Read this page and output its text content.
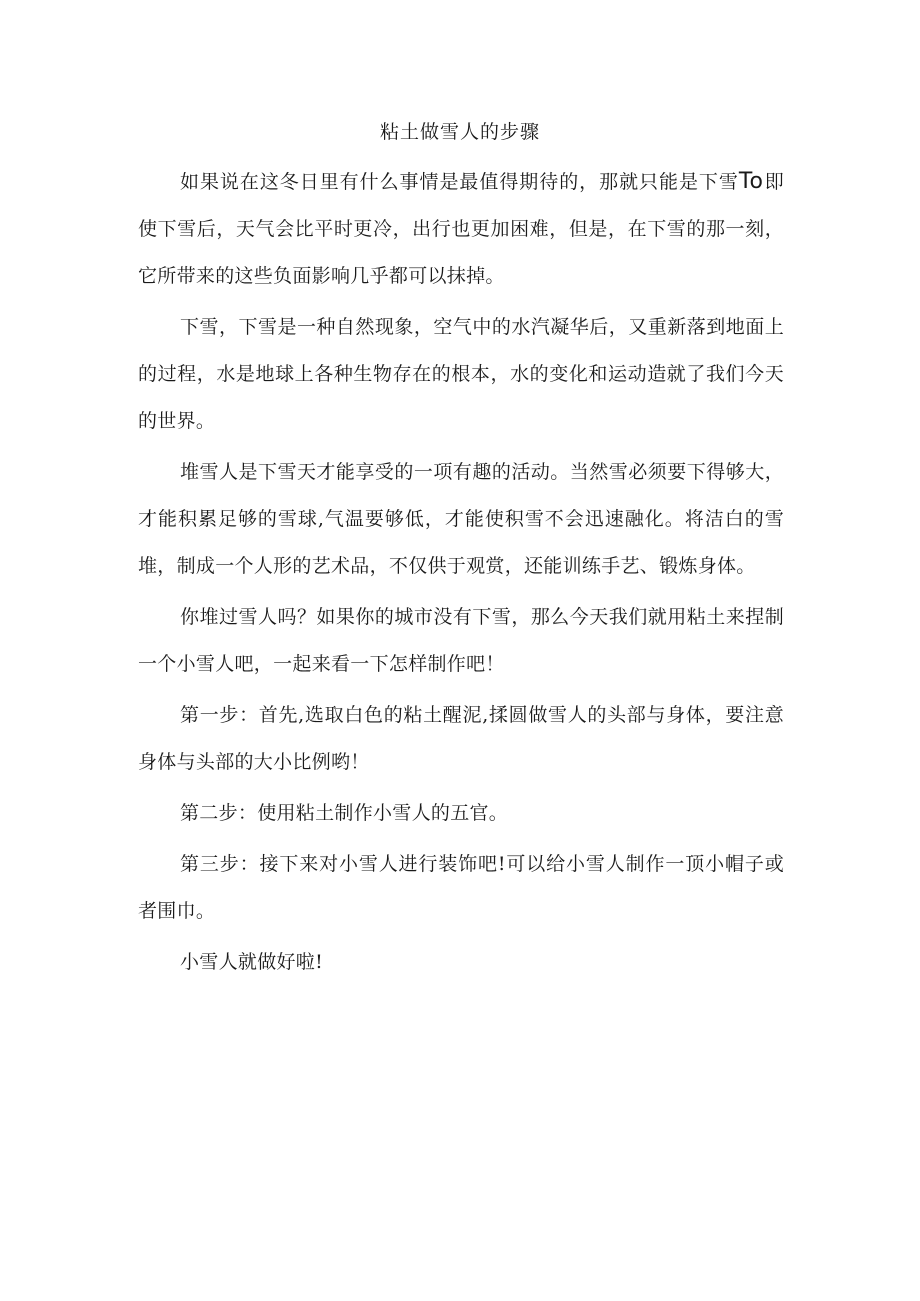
粘土做雪人的步骤

如果说在这冬日里有什么事情是最值得期待的，那就只能是下雪To即使下雪后，天气会比平时更冷，出行也更加困难，但是，在下雪的那一刻，它所带来的这些负面影响几乎都可以抹掉。

下雪，下雪是一种自然现象，空气中的水汽凝华后，又重新落到地面上的过程，水是地球上各种生物存在的根本，水的变化和运动造就了我们今天的世界。

堆雪人是下雪天才能享受的一项有趣的活动。当然雪必须要下得够大，才能积累足够的雪球,气温要够低，才能使积雪不会迅速融化。将洁白的雪堆，制成一个人形的艺术品，不仅供于观赏，还能训练手艺、锻炼身体。

你堆过雪人吗？如果你的城市没有下雪，那么今天我们就用粘土来捏制一个小雪人吧，一起来看一下怎样制作吧！

第一步：首先,选取白色的粘土醒泥,揉圆做雪人的头部与身体，要注意身体与头部的大小比例哟！

第二步：使用粘土制作小雪人的五官。

第三步：接下来对小雪人进行装饰吧!可以给小雪人制作一顶小帽子或者围巾。

小雪人就做好啦!
